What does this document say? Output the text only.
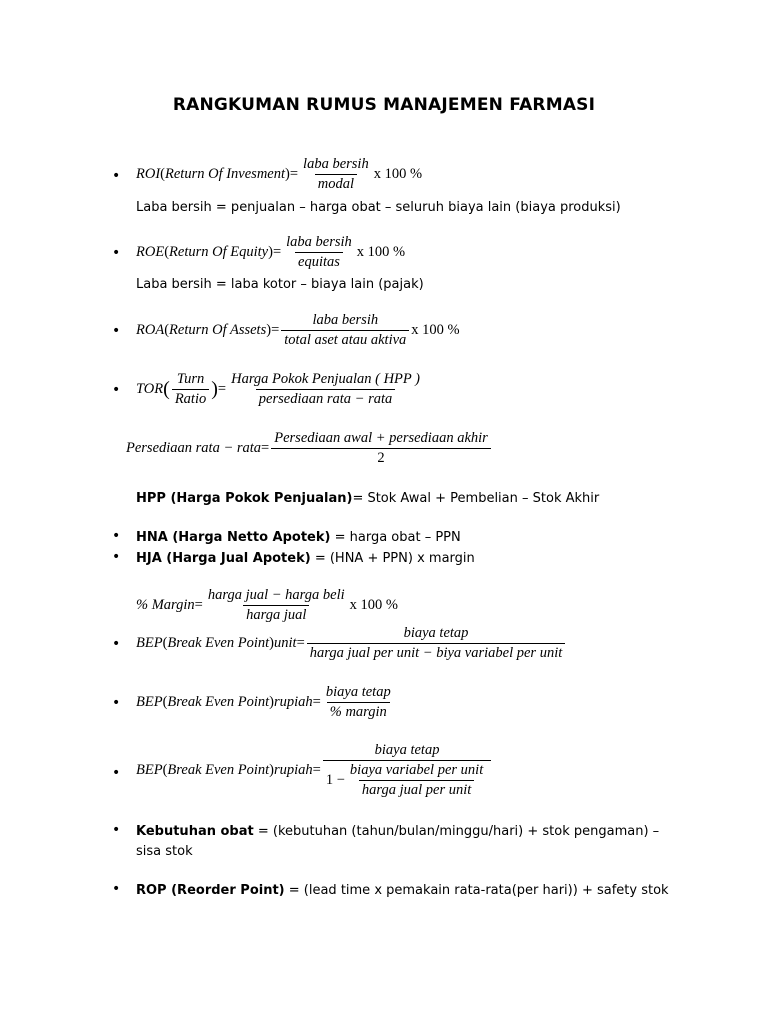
RANGKUMAN RUMUS MANAJEMEN FARMASI
• ROI ( Return Of Invesment ) = $\frac{\text{laba bersih}}{\text{modal}}$ x 100 %
Laba bersih = penjualan – harga obat – seluruh biaya lain (biaya produksi)
• ROE ( Return Of Equity ) = $\frac{\text{laba bersih}}{\text{equitas}}$ x 100 %
Laba bersih = laba kotor – biaya lain (pajak)
• ROA ( Return Of Assets ) = $\frac{\text{laba bersih}}{\text{total aset atau aktiva}}$ x 100 %
• TOR ( $\frac{\text{Turn}}{\text{Ratio}}$ ) = $\frac{\text{Harga Pokok Penjualan ( HPP )}}{\text{persediaan rata − rata}}$
Persediaan rata − rata = $\frac{\text{Persediaan awal + persediaan akhir}}{2}$
HPP (Harga Pokok Penjualan)= Stok Awal + Pembelian – Stok Akhir
• HNA (Harga Netto Apotek) = harga obat – PPN
• HJA (Harga Jual Apotek) = (HNA + PPN) x margin
% Margin = $\frac{\text{harga jual − harga beli}}{\text{harga jual}}$ x 100 %
• BEP ( Break Even Point ) unit = $\frac{\text{biaya tetap}}{\text{harga jual per unit − biya variabel per unit}}$
• BEP ( Break Even Point ) rupiah = $\frac{\text{biaya tetap}}{\text{\% margin}}$
• BEP ( Break Even Point ) rupiah =
biaya tetap
$1 - \frac{\text{biaya variabel per unit}}{\text{harga jual per unit}}$
• Kebutuhan obat = (kebutuhan (tahun/bulan/minggu/hari) + stok pengaman) –
sisa stok
• ROP (Reorder Point) = (lead time x pemakain rata-rata(per hari)) + safety stok
